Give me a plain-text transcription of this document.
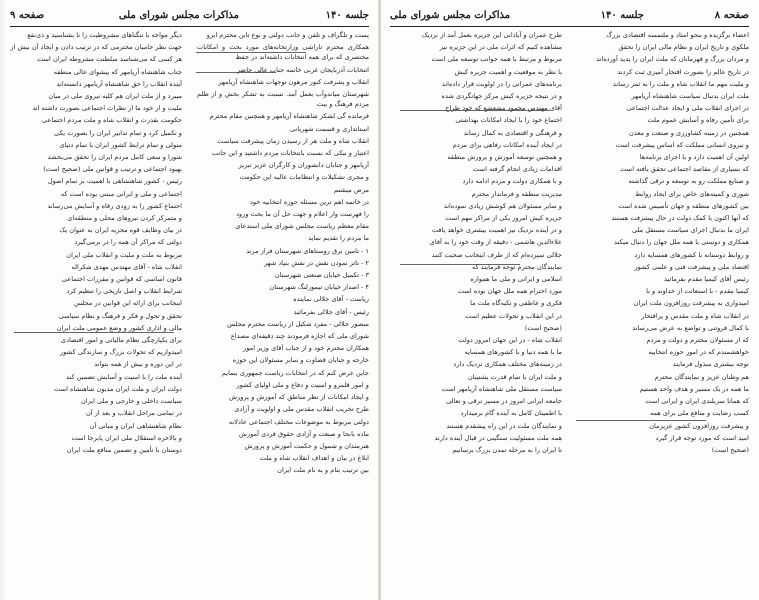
صفحه ۹	مذاکرات مجلس شورای ملی	جلسه ۱۴۰

پست و تلگراف و تلفن و جانب دولتی و نوع تاین محترم ابرو

همکاری محترم تاراشی وزارتخانه‌های مورد بحث و امکانات مختصری که برای همه انتخابات داشته‌اند در حفظ

انتخابات آذربایجان غربی خاتمه جناب عالی حاضر

انقلاب و پشرفت کنور مرهون توجهات شاهنشاه آریامهر

شهرستان میاندوآب بعمل آمد. نسبت به تشکر بخش و از ظلم مردم فرهنگ و بیت

فرمانده گی لشکر شاهنشاه آریامهر و همچنین مقام محترم

استانداری و قسمت شهربانی

انقلاب شاه و ملت هر از رسیدن زمان پیشرفت سیاست

اعتبار و نیکی که نسبت بانتخابات مردم داشتید و این جانب

آریامهر و جنابان دانشوران و کارگران عزیز تبریز

و مجری تشکیلات و انتظامات عالیه این حکومت

مرض میشتم

در خاتمه اهم ترین مسئله حوزه انتخابیه خود

را فهرست وار اعلام و جهت حل آن ما بحث ورود

مقام معظم ریاست مجلس شورای ملی استدعای

ما مردم را تقدیم نماید

۱ - تامین برق روستاهای شهرستان فراز مرند

۲ - تاتر نمودن نقش در نقش بنیاد شهر

۳ - تکمیل خیابان صنعتی شهرستان

۴ - اصدار خیابان تیمورلنگ شهرستان

ریاست - آقای جلالی نماینده

رئیس - آقای جلالی بفرمائید

منصور جلالی - مفرد شکیل از ریاست محترم مجلس

شورای ملی که اجازه فرمودند چند دقیقه‌ای مصداع

همکاران محترم خود و از جناب آقای وزیر امور

خارجه و جنابان قضاوت و سایر مسئولان این حوزه

جاین عرض کنم که در انتخابات ریاست جمهوری بنمایم

و امور قلمرو و امنیت و دفاع و ملی اولیای کشور

و ایجاد امکانات از نظر مناطق که آموزش و پرورش

طرح تخریب انقلاب مقدس ملی و اولویت و آزادی

دولتی مربوط به موضوعات مختلف اجتماعی عادلانه

ماده بانجا و صنعت و آزادی حقوق فردی آموزش

هنرمندان و شمول و حکمت آموزش و پرورش

ابلاغ در بیان و اهداف انقلاب شاه و ملت

بین ترتیب بنام و به نام ملت ایران

دیگر مواجه با تنگناهای مشروطیت را نا بشناسید و ذی‌نفع

جهت نظر حامیان محترمی که در ترتیب دادن و ایجاد آن بیش از

هر کسی که می‌شناسد سلطنت مشروطه ایران است

جناب شاهنشاه آریامهر که پیشوای عالی منطقه

آینده انقلاب را حق شاهنشاه آریامهر دانسته‌اند

میبرد و از ملت ایران هم کلیه نیروی ملی در میان

ملیت و از خود ما از نظرات اجتماعی بصورت داشته اند

حکومت بقدرت و انقلاب شاه و ملت مردم اجتماعی

و تکمیل کرد و تمام تدابیر ایران را بصورت یکی

متولی و تمام ترابط کشور ایران با تمام دنیای

شورا و سعی کامل مردم ایران را تحقق می‌بخشد

بهبود اجتماعی و ترتیب و قوانین ملی (صحیح است)

رئیس - کشور شاهنشاهی با اهمیت بر تمام اصول

اجتماعی و ملی و ایرانی مبتنی بوده است که

اجتماع کشور را به زودی رفاه و آسایش می‌رساند

و متمرکز کردن نیروهای محلی و منطقه‌ای

در بیان وظایف قوه مجریه ایران به عنوان یک

دولتی که مراکز آن همه را در برمی‌گیرد

مربوط به ملت و ملیت و انقلاب ملی ایران

انقلاب شاه - آقای مهندس مهدی شکراله

قانون اساسی که قوانین و مقررات اجتماعی

شرایط انقلاب و اصل تاریخی را تنظیم کرد

اینجانب برای ارائه این قوانین در مجلس

تحقق و تحول و فکر و فرهنگ و نظام سیاسی

مالی و اداری کشور و وضع عمومی ملت ایران

برای یکپارچگی نظام مالیاتی و امور اقتصادی

امیدواریم که تحولات بزرگ و سازندگی کشور

در این دوره و بیش از همه بتواند

آینده ملت را با امنیت و آسایش تضمین کند

دولت ایران و ملت ایران مدیون شاهنشاه است

سیاست داخلی و خارجی و ملی ایران

در تمامی مراحل انقلاب و بعد از آن

نظام شاهنشاهی ایران و مبانی آن

و بالاخره استقلال ملی ایران پابرجا است

دوستان با تأمین و تضمین منافع ملت ایران

صفحه ۸
مذاکرات مجلس شورای ملی	جلسه ۱۴۰

اعضاء برگزیده و بنحو امثاد و ملتمسه اقتصادی بزرگ

ملکوی و تاریخ ایران و نظام مالی ایران را تحقق

و مردان بزرگ و قهرمانان که ملت ایران را پدید آورده‌اند

در تاریخ عالم را بصورت افتخار آمیزی ثبت کردند

و ملیت مهم ما انقلاب شاه و ملت را به ثمر رساند

ملت ایران بدنبال سیاست شاهنشاه آریامهر

در اجرای انقلاب ملی و ایجاد عدالت اجتماعی

برای تأمین رفاه و آسایش عموم ملت

همچنین در زمینه کشاورزی و صنعت و معدن

و نیروی انسانی مملکت که اساس پیشرفت است

اولین آن اهمیت دارد و با اجرای برنامه‌ها

که بسیاری از مقاصد اجتماعی تحقق یافته است

و صنایع مملکت رو به توسعه و ترقی گذاشته

شوری و کمیته‌های خاص برای ایجاد روابط

بین کشورهای منطقه و جهان تأسیس شده است

که آنها اکنون با کمک دولت در حال پیشرفت هستند

ایران ما بدنبال اجرای سیاست مستقل ملی

همکاری و دوستی با همه ملل جهان را دنبال میکند

و روابط دوستانه با کشورهای همسایه دارد

اقتصاد ملی و پیشرفت فنی و علمی کشور

رئیس آقای کیمیا مقدم بفرمائید

کیمیا مقدم - با استعانت از خداوند و با

امیدواری به پیشرفت روزافزون ملت ایران

در انقلاب شاه و ملت مقدس و پرافتخار

با کمال فروتنی و تواضع به عرض می‌رساند

که از مسئولان محترم و دولت و مردم

خواهشمندم که در امور حوزه انتخابیه

توجه بیشتری مبذول فرمایند

هم وطنان عزیز و نمایندگان محترم

ما همه در یک مسیر و هدف واحد هستیم

که همانا سربلندی ایران و ایرانی است

کسب رضایت و منافع ملی برای همه

و پیشرفت روزافزون کشور عزیزمان

امید است که مورد توجه قرار گیرد

(صحیح است)

طرح عمران و آبادانی این جزیره بعمل آمد از نزدیک

مشاهده کنیم که اثرات ملی در این جزیره نیز

مربوط و مرتبط با همه جوانب توسعه ملی است

با نظر به موقعیت و اهمیت جزیره کیش

برنامه‌های عمرانی را در اولویت قرار داده‌اند

و در نتیجه جزیره کیش مرکز جهانگردی شده

آقای مهندس محمود مشعشع که خود طراح

اجتماع خود را با ایجاد امکانات بهداشتی

و فرهنگی و اقتصادی به کمال رساند

در ایجاد آینده امکانات رفاهی برای مردم

و همچنین توسعه آموزش و پرورش منطقه

اقدامات زیادی انجام گرفته است

و با همکاری دولت و مردم ادامه دارد

مدیریت منطقه و فرماندار محترم

و سایر مسئولان هم کوشش زیادی نموده‌اند

جزیره کیش امروز یکی از مراکز مهم است

و در آینده نزدیک نیز اهمیت بیشتری خواهد یافت

علاءالدین هاشمی - دقیقه از وقت خود را به آقای

جلالی سپرده‌ام که از طرف اینجانب صحبت کنند

نمایندگان محترم توجه فرمایند که

اسلامی و ایرانی و ملی ما همواره

مورد احترام همه ملل جهان بوده است

فکری و عاطفی و تکیه‌گاه ملت ما

در این انقلاب و تحولات عظیم است

(صحیح است)

انقلاب شاه - در این جهان امروز دولت

ما با همه دنیا و با کشورهای همسایه

در زمینه‌های مختلف همکاری نزدیک دارد

و ملت ایران با تمام قدرت پشتیبان

سیاست مستقل ملی شاهنشاه آریامهر است

جامعه ایرانی امروز در مسیر ترقی و تعالی

با اطمینان کامل به آینده گام برمیدارد

و نمایندگان ملت در این راه پیشقدم هستند

همه ملت مسئولیت سنگینی در قبال آینده دارند

تا ایران را به مرحله تمدن بزرگ برسانیم
